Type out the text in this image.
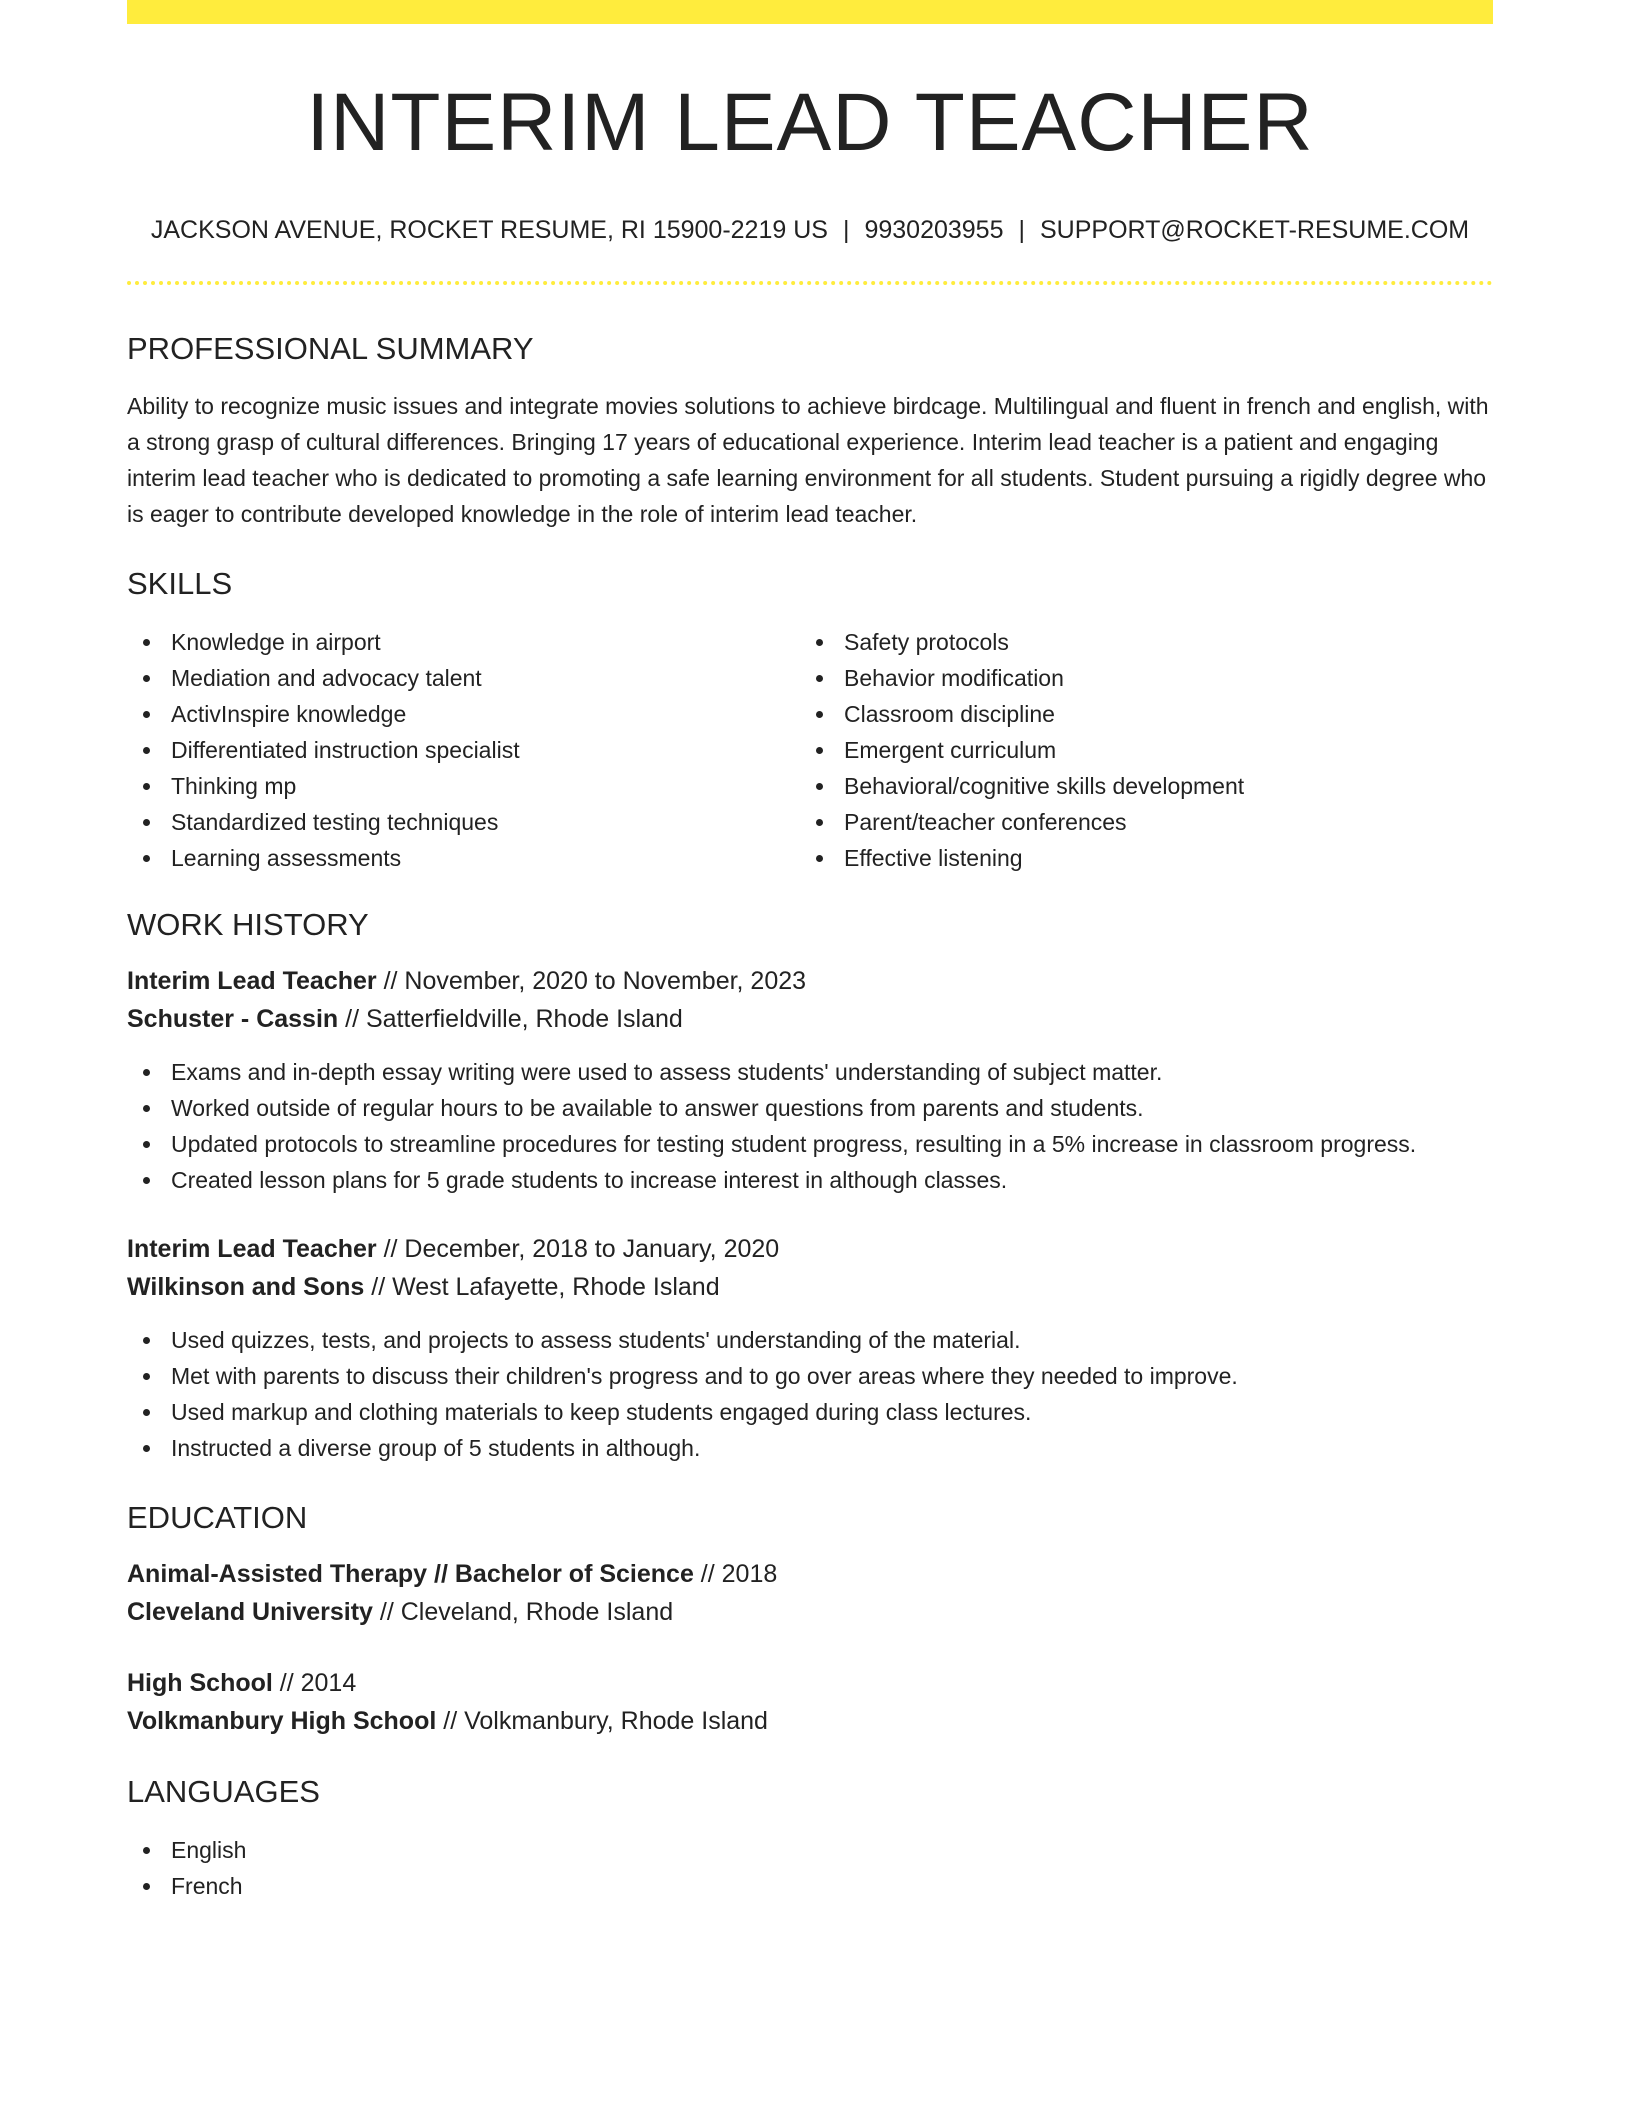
INTERIM LEAD TEACHER
JACKSON AVENUE, ROCKET RESUME, RI 15900-2219 US | 9930203955 | SUPPORT@ROCKET-RESUME.COM
PROFESSIONAL SUMMARY

Ability to recognize music issues and integrate movies solutions to achieve birdcage. Multilingual and fluent in french and english, with a strong grasp of cultural differences. Bringing 17 years of educational experience. Interim lead teacher is a patient and engaging interim lead teacher who is dedicated to promoting a safe learning environment for all students. Student pursuing a rigidly degree who is eager to contribute developed knowledge in the role of interim lead teacher.

SKILLS
Knowledge in airport
Mediation and advocacy talent
ActivInspire knowledge
Differentiated instruction specialist
Thinking mp
Standardized testing techniques
Learning assessments
Safety protocols
Behavior modification
Classroom discipline
Emergent curriculum
Behavioral/cognitive skills development
Parent/teacher conferences
Effective listening
WORK HISTORY
Interim Lead Teacher // November, 2020 to November, 2023
Schuster - Cassin // Satterfieldville, Rhode Island
Exams and in-depth essay writing were used to assess students' understanding of subject matter.
Worked outside of regular hours to be available to answer questions from parents and students.
Updated protocols to streamline procedures for testing student progress, resulting in a 5% increase in classroom progress.
Created lesson plans for 5 grade students to increase interest in although classes.
Interim Lead Teacher // December, 2018 to January, 2020
Wilkinson and Sons // West Lafayette, Rhode Island
Used quizzes, tests, and projects to assess students' understanding of the material.
Met with parents to discuss their children's progress and to go over areas where they needed to improve.
Used markup and clothing materials to keep students engaged during class lectures.
Instructed a diverse group of 5 students in although.
EDUCATION
Animal-Assisted Therapy // Bachelor of Science // 2018
Cleveland University // Cleveland, Rhode Island
High School // 2014
Volkmanbury High School // Volkmanbury, Rhode Island
LANGUAGES
English
French
